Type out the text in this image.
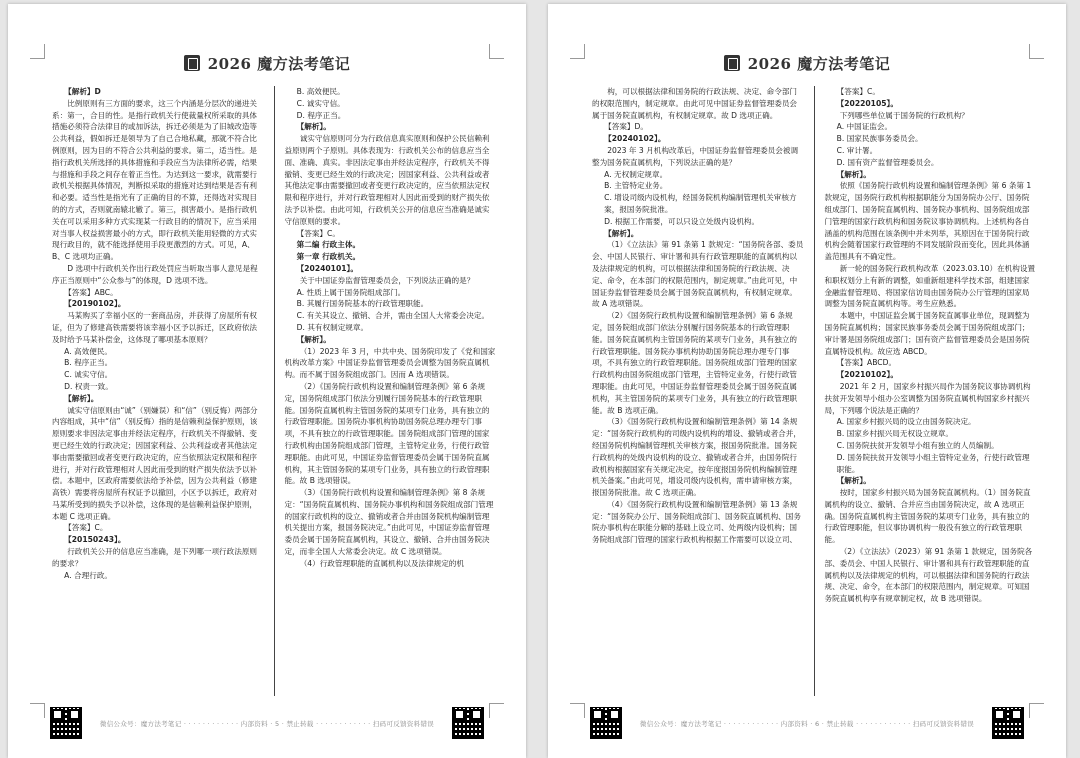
2026 魔方法考笔记

【解析】D

比例原则有三方面的要求，这三个内涵是分层次的递进关系：第一，合目的性。是指行政机关行使裁量权所采取的具体措施必须符合法律目的或加诉法，拆迁必须是为了旧城改造等公共利益，假如拆迁是领导为了自己合地私藏，那就不符合比例原则，因为目的不符合公共利益的要求。第二，适当性。是指行政机关所选择的具体措施和手段应当为法律所必需，结果与措施和手段之间存在着正当性。为达到这一要求，就需要行政机关根据具体情况，判断拟采取的措施对达到结果是否有利和必要。适当性是指光有了正确的目的不算，还得选对实现目的的方式，否则就南辕北辙了。第三，损害最小。是指行政机关在可以采用多种方式实现某一行政目的的情况下，应当采用对当事人权益损害最小的方式，即行政机关能用轻微的方式实现行政目的，就不能选择使用手段更激烈的方式。可见，A、B、C 选项均正确。

D 选项中行政机关作出行政处罚应当听取当事人意见是程序正当原则中“公众参与”的体现，D 选项不选。

【答案】ABC。

【20190102】。

马某购买了幸福小区的一套商品房，并获得了房屋所有权证，但为了修建高铁需要将该幸福小区予以拆迁，区政府依法及时给予马某补偿金，这体现了哪项基本原则？

A. 高效便民。

B. 程序正当。

C. 诚实守信。

D. 权责一致。

【解析】。

诚实守信原则由“诚”（别嫌误）和“信”（别反悔）两部分内容组成，其中“信”（别反悔）指的是信赖利益保护原则，该原则要求非因法定事由并经法定程序，行政机关不得撤销、变更已经生效的行政决定；因国家利益、公共利益或者其他法定事由需要撤回或者变更行政决定的，应当依照法定权限和程序进行，并对行政管理相对人因此而受到的财产损失依法予以补偿。本题中，区政府需要依法给予补偿，因为公共利益（修建高铁）需要将房屋所有权证予以撤回，小区予以拆迁，政府对马某所受到的损失予以补偿，这体现的是信赖利益保护原则，本题 C 选项正确。

【答案】C。

【20150243】。

行政机关公开的信息应当准确，是下列哪一项行政法原则的要求？

A. 合理行政。

B. 高效便民。

C. 诚实守信。

D. 程序正当。

【解析】。

诚实守信原则可分为行政信息真实原则和保护公民信赖利益原则两个子原则。具体表现为：行政机关公布的信息应当全面、准确、真实。非因法定事由并经法定程序，行政机关不得撤销、变更已经生效的行政决定；因国家利益、公共利益或者其他法定事由需要撤回或者变更行政决定的，应当依照法定权限和程序进行，并对行政管理相对人因此而受到的财产损失依法予以补偿。由此可知，行政机关公开的信息应当准确是诚实守信原则的要求。

【答案】C。

第二编 行政主体。

第一章 行政机关。

【20240101】。

关于中国证券监督管理委员会，下列说法正确的是？

A. 性质上属于国务院组成部门。

B. 其履行国务院基本的行政管理职能。

C. 有关其设立、撤销、合并，需由全国人大常委会决定。

D. 其有权制定规章。

【解析】。

（1）2023 年 3 月，中共中央、国务院印发了《党和国家机构改革方案》中国证券监督管理委员会调整为国务院直属机构。而不属于国务院组成部门。因而 A 选项错误。

（2）《国务院行政机构设置和编制管理条例》第 6 条规定，国务院组成部门依法分别履行国务院基本的行政管理职能。国务院直属机构主管国务院的某项专门业务，具有独立的行政管理职能。国务院办事机构协助国务院总理办理专门事项，不具有独立的行政管理职能。国务院组成部门管理的国家行政机构由国务院组成部门管理，主管特定业务，行使行政管理职能。由此可见，中国证券监督管理委员会属于国务院直属机构，其主管国务院的某项专门业务，具有独立的行政管理职能。故 B 选项错误。

（3）《国务院行政机构设置和编制管理条例》第 8 条规定：“国务院直属机构、国务院办事机构和国务院组成部门管理的国家行政机构的设立、撤销或者合并由国务院机构编制管理机关提出方案，报国务院决定。”由此可见，中国证券监督管理委员会属于国务院直属机构，其设立、撤销、合并由国务院决定，而非全国人大常委会决定。故 C 选项错误。

（4）行政管理职能的直属机构以及法律规定的机

微信公众号：魔方法考笔记 · · · · · · · · · · · · 内部资料 · 5 · 禁止转载 · · · · · · · · · · · · 扫码可反馈资料错误
2026 魔方法考笔记

构，可以根据法律和国务院的行政法规、决定、命令部门的权限范围内，制定规章。由此可见中国证券监督管理委员会属于国务院直属机构，有权制定规章。故 D 选项正确。

【答案】D。

【20240102】。

2023 年 3 月机构改革后，中国证券监督管理委员会被调整为国务院直属机构，下列说法正确的是？

A. 无权制定规章。

B. 主管特定业务。

C. 增设司级内设机构，经国务院机构编制管理机关审核方案，报国务院批准。

D. 根据工作需要，可以只设立处级内设机构。

【解析】。

（1）《立法法》第 91 条第 1 款规定：“国务院各部、委员会、中国人民银行、审计署和具有行政管理职能的直属机构以及法律规定的机构，可以根据法律和国务院的行政法规、决定、命令，在本部门的权限范围内，制定规章。”由此可见，中国证券监督管理委员会属于国务院直属机构，有权制定规章。故 A 选项错误。

（2）《国务院行政机构设置和编制管理条例》第 6 条规定，国务院组成部门依法分别履行国务院基本的行政管理职能。国务院直属机构主管国务院的某项专门业务，具有独立的行政管理职能。国务院办事机构协助国务院总理办理专门事项，不具有独立的行政管理职能。国务院组成部门管理的国家行政机构由国务院组成部门管理，主管特定业务，行使行政管理职能。由此可见，中国证券监督管理委员会属于国务院直属机构，其主管国务院的某项专门业务，具有独立的行政管理职能。故 B 选项正确。

（3）《国务院行政机构设置和编制管理条例》第 14 条规定：“国务院行政机构的司级内设机构的增设、撤销或者合并，经国务院机构编制管理机关审核方案，报国务院批准。国务院行政机构的处级内设机构的设立、撤销或者合并，由国务院行政机构根据国家有关规定决定，按年度报国务院机构编制管理机关备案。”由此可见，增设司级内设机构，需申请审核方案，报国务院批准。故 C 选项正确。

（4）《国务院行政机构设置和编制管理条例》第 13 条规定：“国务院办公厅、国务院组成部门、国务院直属机构、国务院办事机构在职能分解的基础上设立司、处两级内设机构；国务院组成部门管理的国家行政机构根据工作需要可以设立司、

【答案】C。

【20220105】。

下列哪些单位属于国务院的行政机构？

A. 中国证监会。

B. 国家民族事务委员会。

C. 审计署。

D. 国有资产监督管理委员会。

【解析】。

依照《国务院行政机构设置和编制管理条例》第 6 条第 1 款规定，国务院行政机构根据职能分为国务院办公厅、国务院组成部门、国务院直属机构、国务院办事机构、国务院组成部门管理的国家行政机构和国务院议事协调机构。上述机构各自涵盖的机构范围在该条例中并未列举，其原因在于国务院行政机构会随着国家行政管理的不同发展阶段而变化，因此具体涵盖范围具有不确定性。

新一轮的国务院行政机构改革（2023.03.10）在机构设置和职权划分上有新的调整，如重新组建科学技术部，组建国家金融监督管理局、将国家信访局由国务院办公厅管理的国家局调整为国务院直属机构等。考生应熟悉。

本题中，中国证监会属于国务院直属事业单位，现调整为国务院直属机构；国家民族事务委员会属于国务院组成部门；审计署是国务院组成部门；国有资产监督管理委员会是国务院直属特设机构。故应选 ABCD。

【答案】ABCD。

【20210102】。

2021 年 2 月，国家乡村振兴局作为国务院议事协调机构扶贫开发领导小组办公室调整为国务院直属机构国家乡村振兴局，下列哪个说法是正确的？

A. 国家乡村振兴局的设立由国务院决定。

B. 国家乡村振兴局无权设立规章。

C. 国务院扶贫开发领导小组有独立的人员编制。

D. 国务院扶贫开发领导小组主管特定业务，行使行政管理职能。

【解析】。

按时，国家乡村振兴局为国务院直属机构。（1）国务院直属机构的设立、撤销、合并应当由国务院决定，故 A 选项正确。国务院直属机构主管国务院的某项专门业务，具有独立的行政管理职能，但议事协调机构一般没有独立的行政管理职能。

（2）《立法法》（2023）第 91 条第 1 款规定，国务院各部、委员会、中国人民银行、审计署和具有行政管理职能的直属机构以及法律规定的机构，可以根据法律和国务院的行政法规、决定、命令，在本部门的权限范围内，制定规章。可知国务院直属机构享有规章制定权，故 B 选项错误。

微信公众号：魔方法考笔记 · · · · · · · · · · · · 内部资料 · 6 · 禁止转载 · · · · · · · · · · · · 扫码可反馈资料错误
